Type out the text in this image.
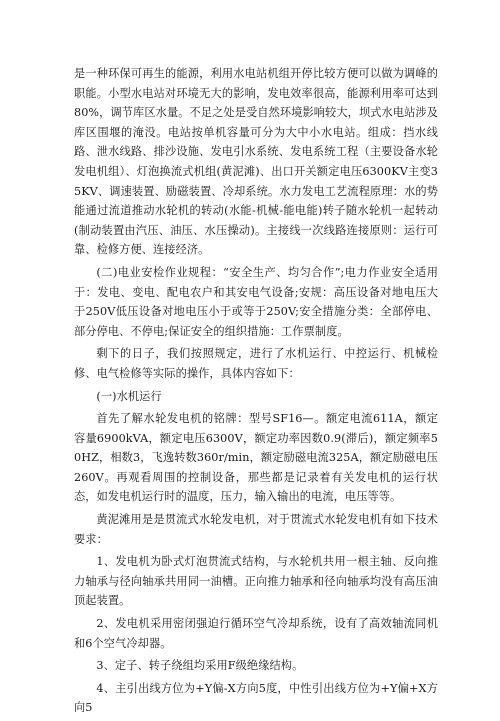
是一种环保可再生的能源，利用水电站机组开停比较方便可以做为调峰的职能。小型水电站对环境无大的影响，发电效率很高，能源利用率可达到80%，调节库区水量。不足之处是受自然环境影响较大，坝式水电站涉及库区围堰的淹没。电站按单机容量可分为大中小水电站。组成：挡水线路、泄水线路、排沙设施、发电引水系统、发电系统工程（主要设备水轮发电机组）、灯泡换流式机组(黄泥滩)、出口开关额定电压6300KV主变35KV、调速装置、励磁装置、冷却系统。水力发电工艺流程原理：水的势能通过流道推动水轮机的转动(水能-机械-能电能)转子随水轮机一起转动(制动装置由汽压、油压、水压操动)。主接线一次线路连接原则：运行可靠、检修方便、连接经济。

(二)电业安检作业规程：“安全生产、均匀合作”;电力作业安全适用于：发电、变电、配电农户和其安电气设备;安规：高压设备对地电压大于250V低压设备对地电压小于或等于250V;安全措施分类：全部停电、部分停电、不停电;保证安全的组织措施：工作票制度。

剩下的日子，我们按照规定，进行了水机运行、中控运行、机械检修、电气检修等实际的操作，具体内容如下：

(一)水机运行

首先了解水轮发电机的铭牌：型号SF16—。额定电流611A，额定容量6900kVA，额定电压6300V，额定功率因数0.9(滞后)，额定频率50HZ，相数3，飞逸转数360r/min，额定励磁电流325A，额定励磁电压260V。再观看周围的控制设备，那些都是记录着有关发电机的运行状态，如发电机运行时的温度，压力，输入输出的电流，电压等等。

黄泥滩用是是贯流式水轮发电机，对于贯流式水轮发电机有如下技术要求：

1、发电机为卧式灯泡贯流式结构，与水轮机共用一根主轴、反向推力轴承与径向轴承共用同一油槽。正向推力轴承和径向轴承均没有高压油顶起装置。

2、发电机采用密闭强迫行循环空气冷却系统，设有了高效轴流同机和6个空气冷却器。

3、定子、转子绕组均采用F级绝缘结构。

4、主引出线方位为+Y偏-X方向5度，中性引出线方位为+Y偏+X方向5
